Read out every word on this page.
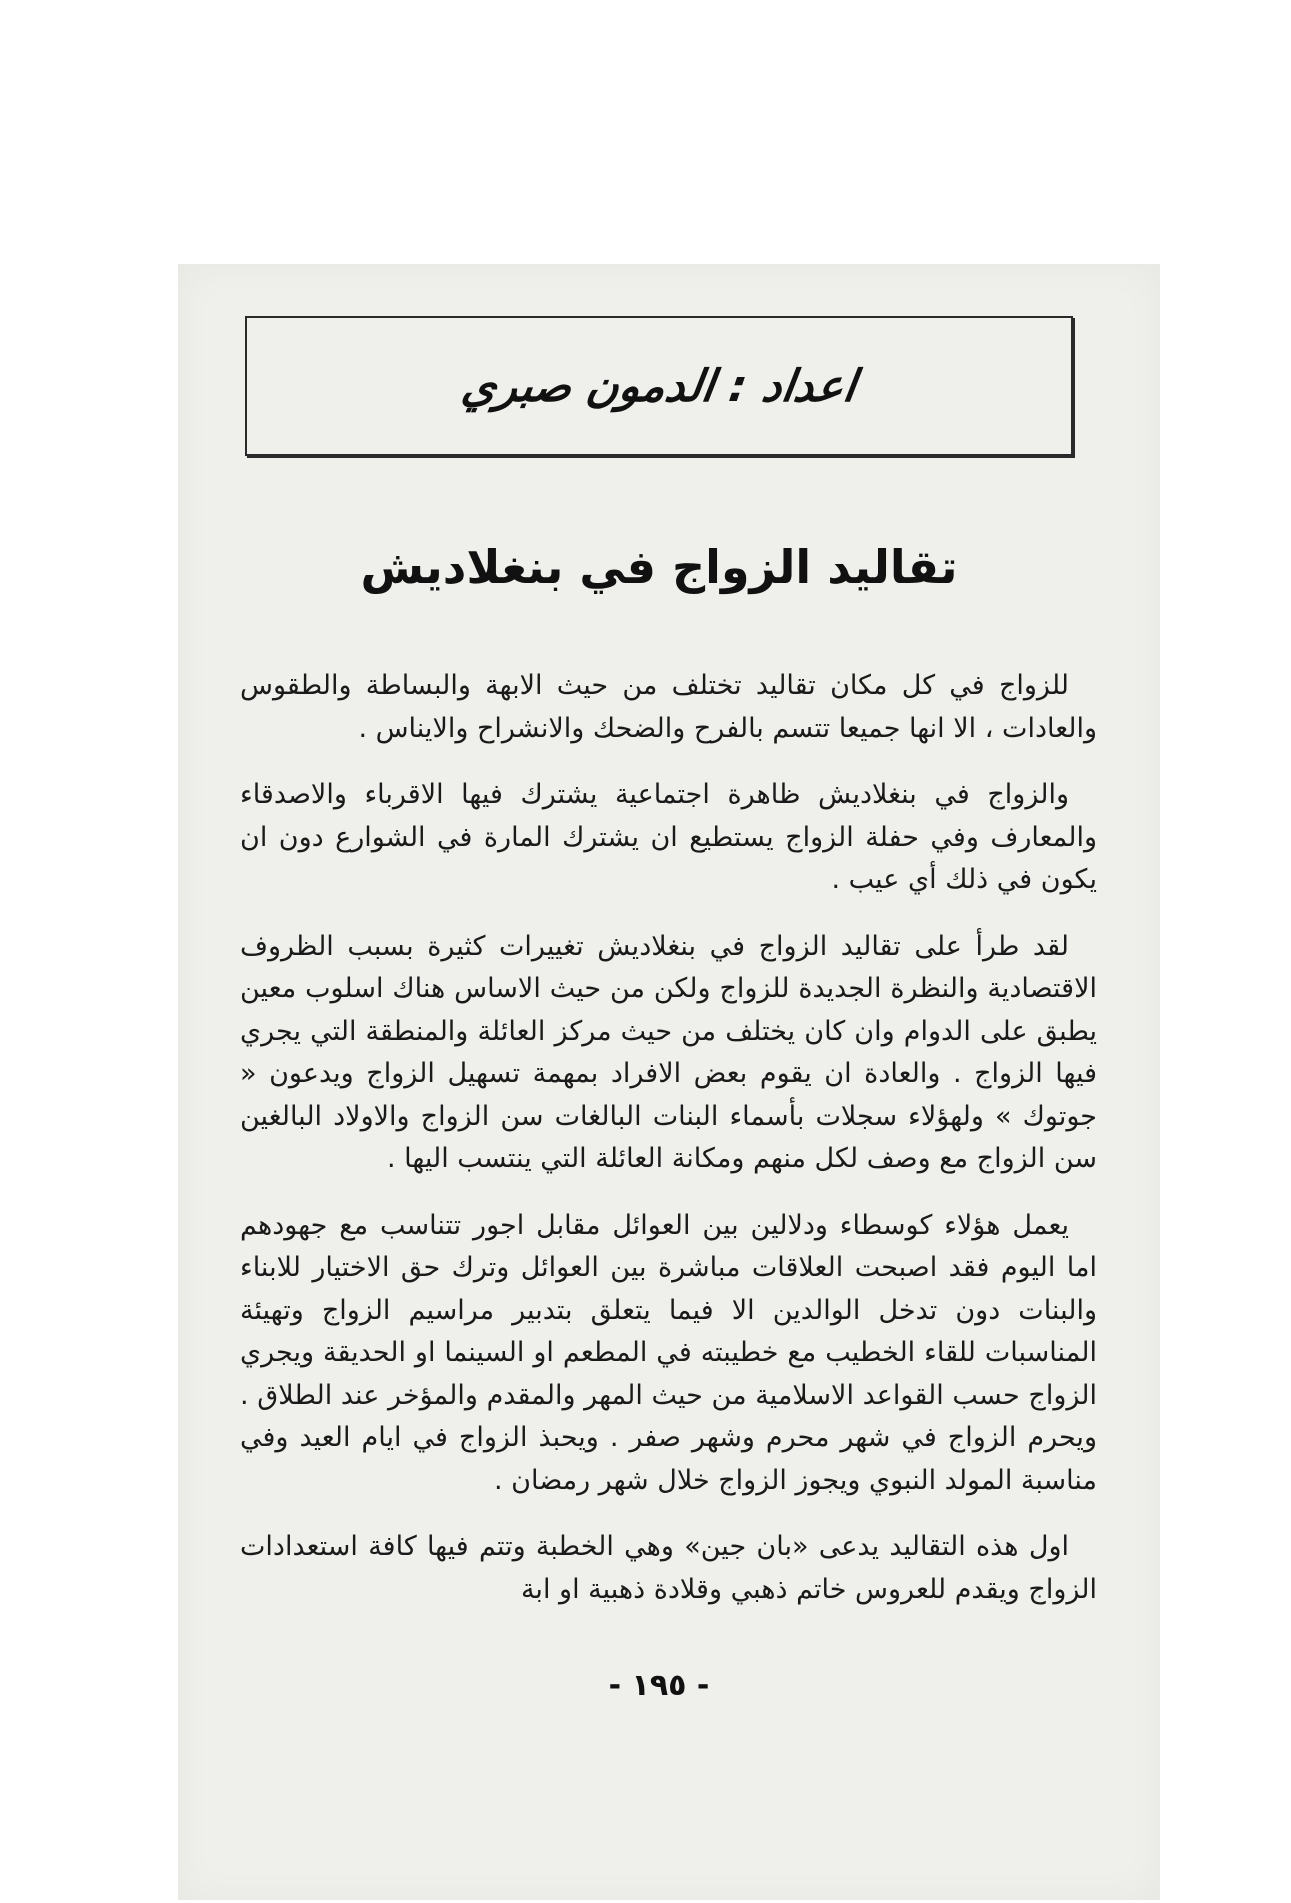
اعداد : الدمون صبري
تقاليد الزواج في بنغلاديش

للزواج في كل مكان تقاليد تختلف من حيث الابهة والبساطة والطقوس والعادات ، الا انها جميعا تتسم بالفرح والضحك والانشراح والايناس .

والزواج في بنغلاديش ظاهرة اجتماعية يشترك فيها الاقرباء والاصدقاء والمعارف وفي حفلة الزواج يستطيع ان يشترك المارة في الشوارع دون ان يكون في ذلك أي عيب .

لقد طرأ على تقاليد الزواج في بنغلاديش تغييرات كثيرة بسبب الظروف الاقتصادية والنظرة الجديدة للزواج ولكن من حيث الاساس هناك اسلوب معين يطبق على الدوام وان كان يختلف من حيث مركز العائلة والمنطقة التي يجري فيها الزواج . والعادة ان يقوم بعض الافراد بمهمة تسهيل الزواج ويدعون « جوتوك » ولهؤلاء سجلات بأسماء البنات البالغات سن الزواج والاولاد البالغين سن الزواج مع وصف لكل منهم ومكانة العائلة التي ينتسب اليها .

يعمل هؤلاء كوسطاء ودلالين بين العوائل مقابل اجور تتناسب مع جهودهم اما اليوم فقد اصبحت العلاقات مباشرة بين العوائل وترك حق الاختيار للابناء والبنات دون تدخل الوالدين الا فيما يتعلق بتدبير مراسيم الزواج وتهيئة المناسبات للقاء الخطيب مع خطيبته في المطعم او السينما او الحديقة ويجري الزواج حسب القواعد الاسلامية من حيث المهر والمقدم والمؤخر عند الطلاق . ويحرم الزواج في شهر محرم وشهر صفر . ويحبذ الزواج في ايام العيد وفي مناسبة المولد النبوي ويجوز الزواج خلال شهر رمضان .

اول هذه التقاليد يدعى «بان جين» وهي الخطبة وتتم فيها كافة استعدادات الزواج ويقدم للعروس خاتم ذهبي وقلادة ذهبية او ابة

- ١٩٥ -
